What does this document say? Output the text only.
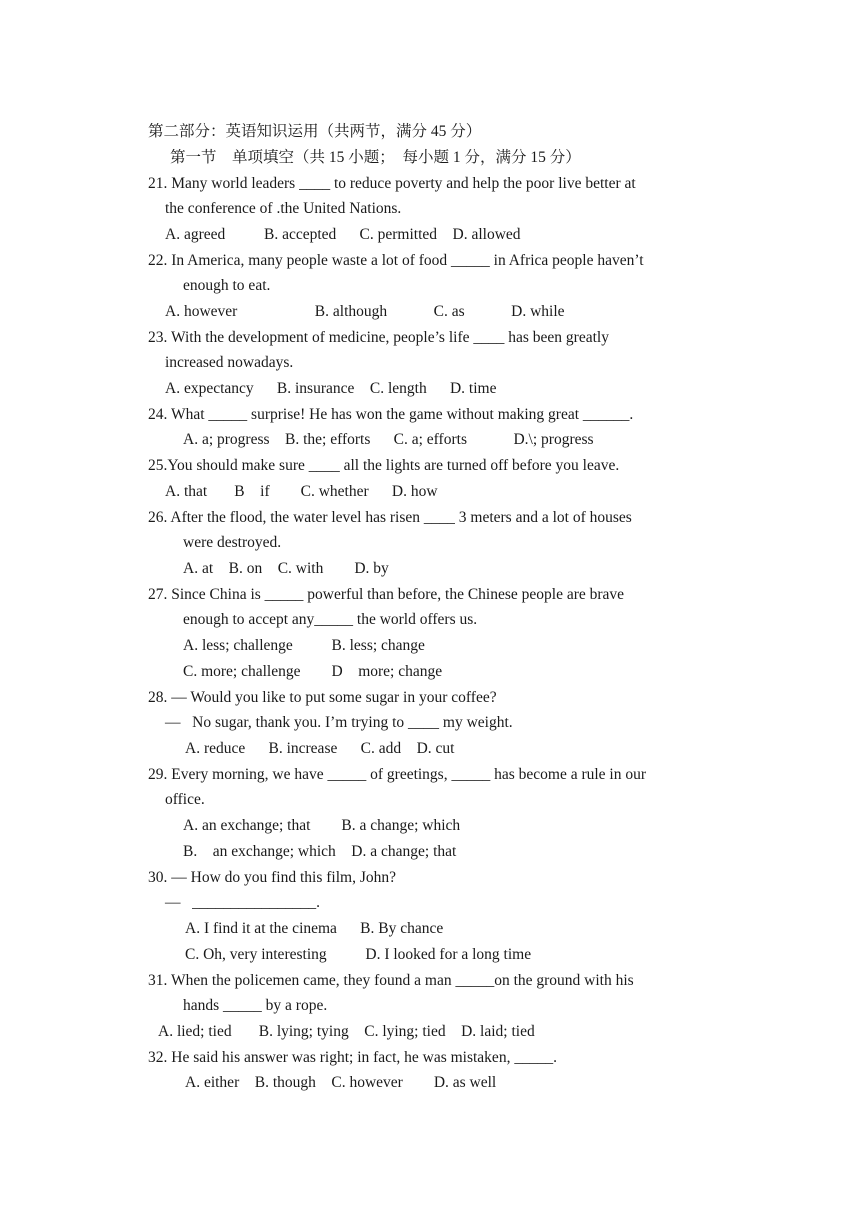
第二部分：英语知识运用（共两节，满分 45 分）

第一节　单项填空（共 15 小题；　每小题 1 分，满分 15 分）

21. Many world leaders ____ to reduce poverty and help the poor live better at

the conference of .the United Nations.

A. agreed          B. accepted      C. permitted    D. allowed

22. In America, many people waste a lot of food _____ in Africa people haven’t

enough to eat.

A. however                    B. although            C. as            D. while

23. With the development of medicine, people’s life ____ has been greatly

increased nowadays.

A. expectancy      B. insurance    C. length      D. time

24. What _____ surprise! He has won the game without making great ______.

A. a; progress    B. the; efforts      C. a; efforts            D.\; progress

25.You should make sure ____ all the lights are turned off before you leave.

A. that       B    if        C. whether      D. how

26. After the flood, the water level has risen ____ 3 meters and a lot of houses

were destroyed.

A. at    B. on    C. with        D. by

27. Since China is _____ powerful than before, the Chinese people are brave

enough to accept any_____ the world offers us.

A. less; challenge          B. less; change

C. more; challenge        D    more; change

28. — Would you like to put some sugar in your coffee?

—   No sugar, thank you. I’m trying to ____ my weight.

A. reduce      B. increase      C. add    D. cut

29. Every morning, we have _____ of greetings, _____ has become a rule in our

office.

A. an exchange; that        B. a change; which

B.    an exchange; which    D. a change; that

30. — How do you find this film, John?

—   ________________.

A. I find it at the cinema      B. By chance

C. Oh, very interesting          D. I looked for a long time

31. When the policemen came, they found a man _____on the ground with his

hands _____ by a rope.

A. lied; tied       B. lying; tying    C. lying; tied    D. laid; tied

32. He said his answer was right; in fact, he was mistaken, _____.

A. either    B. though    C. however        D. as well
